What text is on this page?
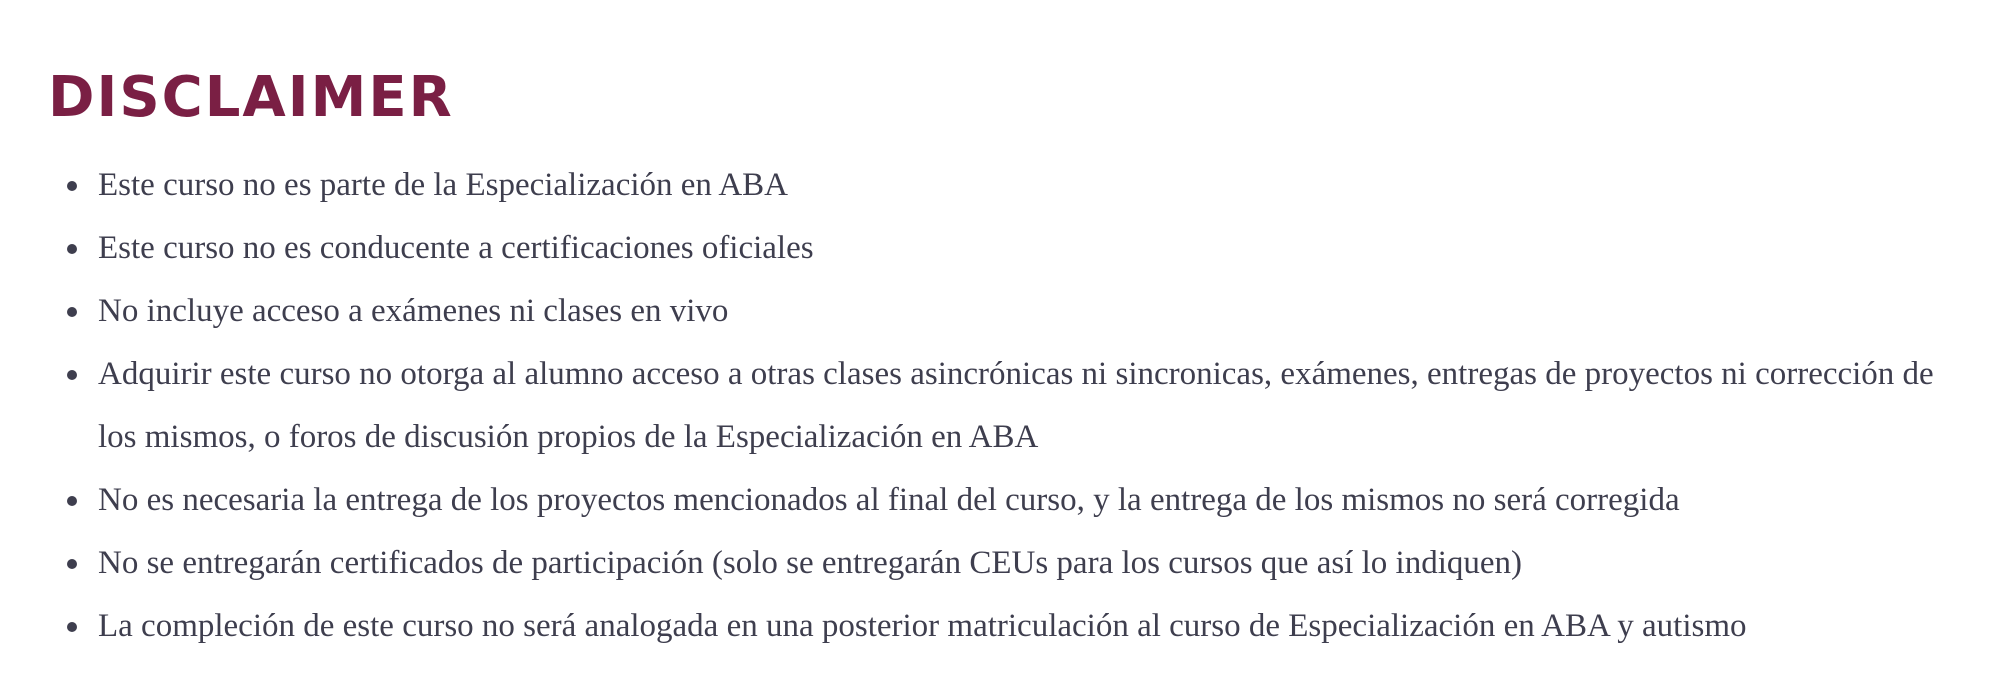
DISCLAIMER
Este curso no es parte de la Especialización en ABA
Este curso no es conducente a certificaciones oficiales
No incluye acceso a exámenes ni clases en vivo
Adquirir este curso no otorga al alumno acceso a otras clases asincrónicas ni sincronicas, exámenes, entregas de proyectos ni corrección de los mismos, o foros de discusión propios de la Especialización en ABA
No es necesaria la entrega de los proyectos mencionados al final del curso, y la entrega de los mismos no será corregida
No se entregarán certificados de participación (solo se entregarán CEUs para los cursos que así lo indiquen)
La compleción de este curso no será analogada en una posterior matriculación al curso de Especialización en ABA y autismo
